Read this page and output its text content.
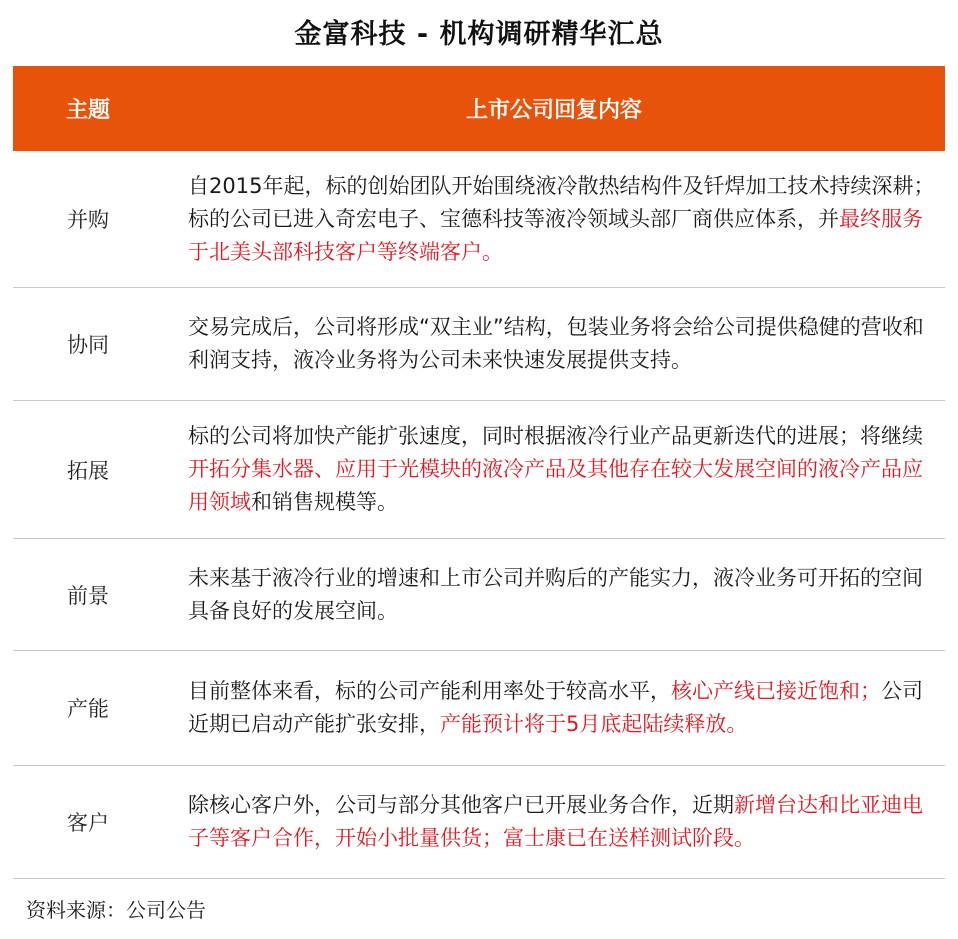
金富科技 - 机构调研精华汇总
主题	上市公司回复内容
并购
自2015年起，标的创始团队开始围绕液冷散热结构件及钎焊加工技术持续深耕；标的公司已进入奇宏电子、宝德科技等液冷领域头部厂商供应体系，并最终服务于北美头部科技客户等终端客户。
协同
交易完成后，公司将形成“双主业”结构，包装业务将会给公司提供稳健的营收和利润支持，液冷业务将为公司未来快速发展提供支持。
拓展
标的公司将加快产能扩张速度，同时根据液冷行业产品更新迭代的进展；将继续开拓分集水器、应用于光模块的液冷产品及其他存在较大发展空间的液冷产品应用领域和销售规模等。
前景
未来基于液冷行业的增速和上市公司并购后的产能实力，液冷业务可开拓的空间具备良好的发展空间。
产能
目前整体来看，标的公司产能利用率处于较高水平，核心产线已接近饱和；公司近期已启动产能扩张安排，产能预计将于5月底起陆续释放。
客户
除核心客户外，公司与部分其他客户已开展业务合作，近期新增台达和比亚迪电子等客户合作，开始小批量供货；富士康已在送样测试阶段。
资料来源：公司公告
